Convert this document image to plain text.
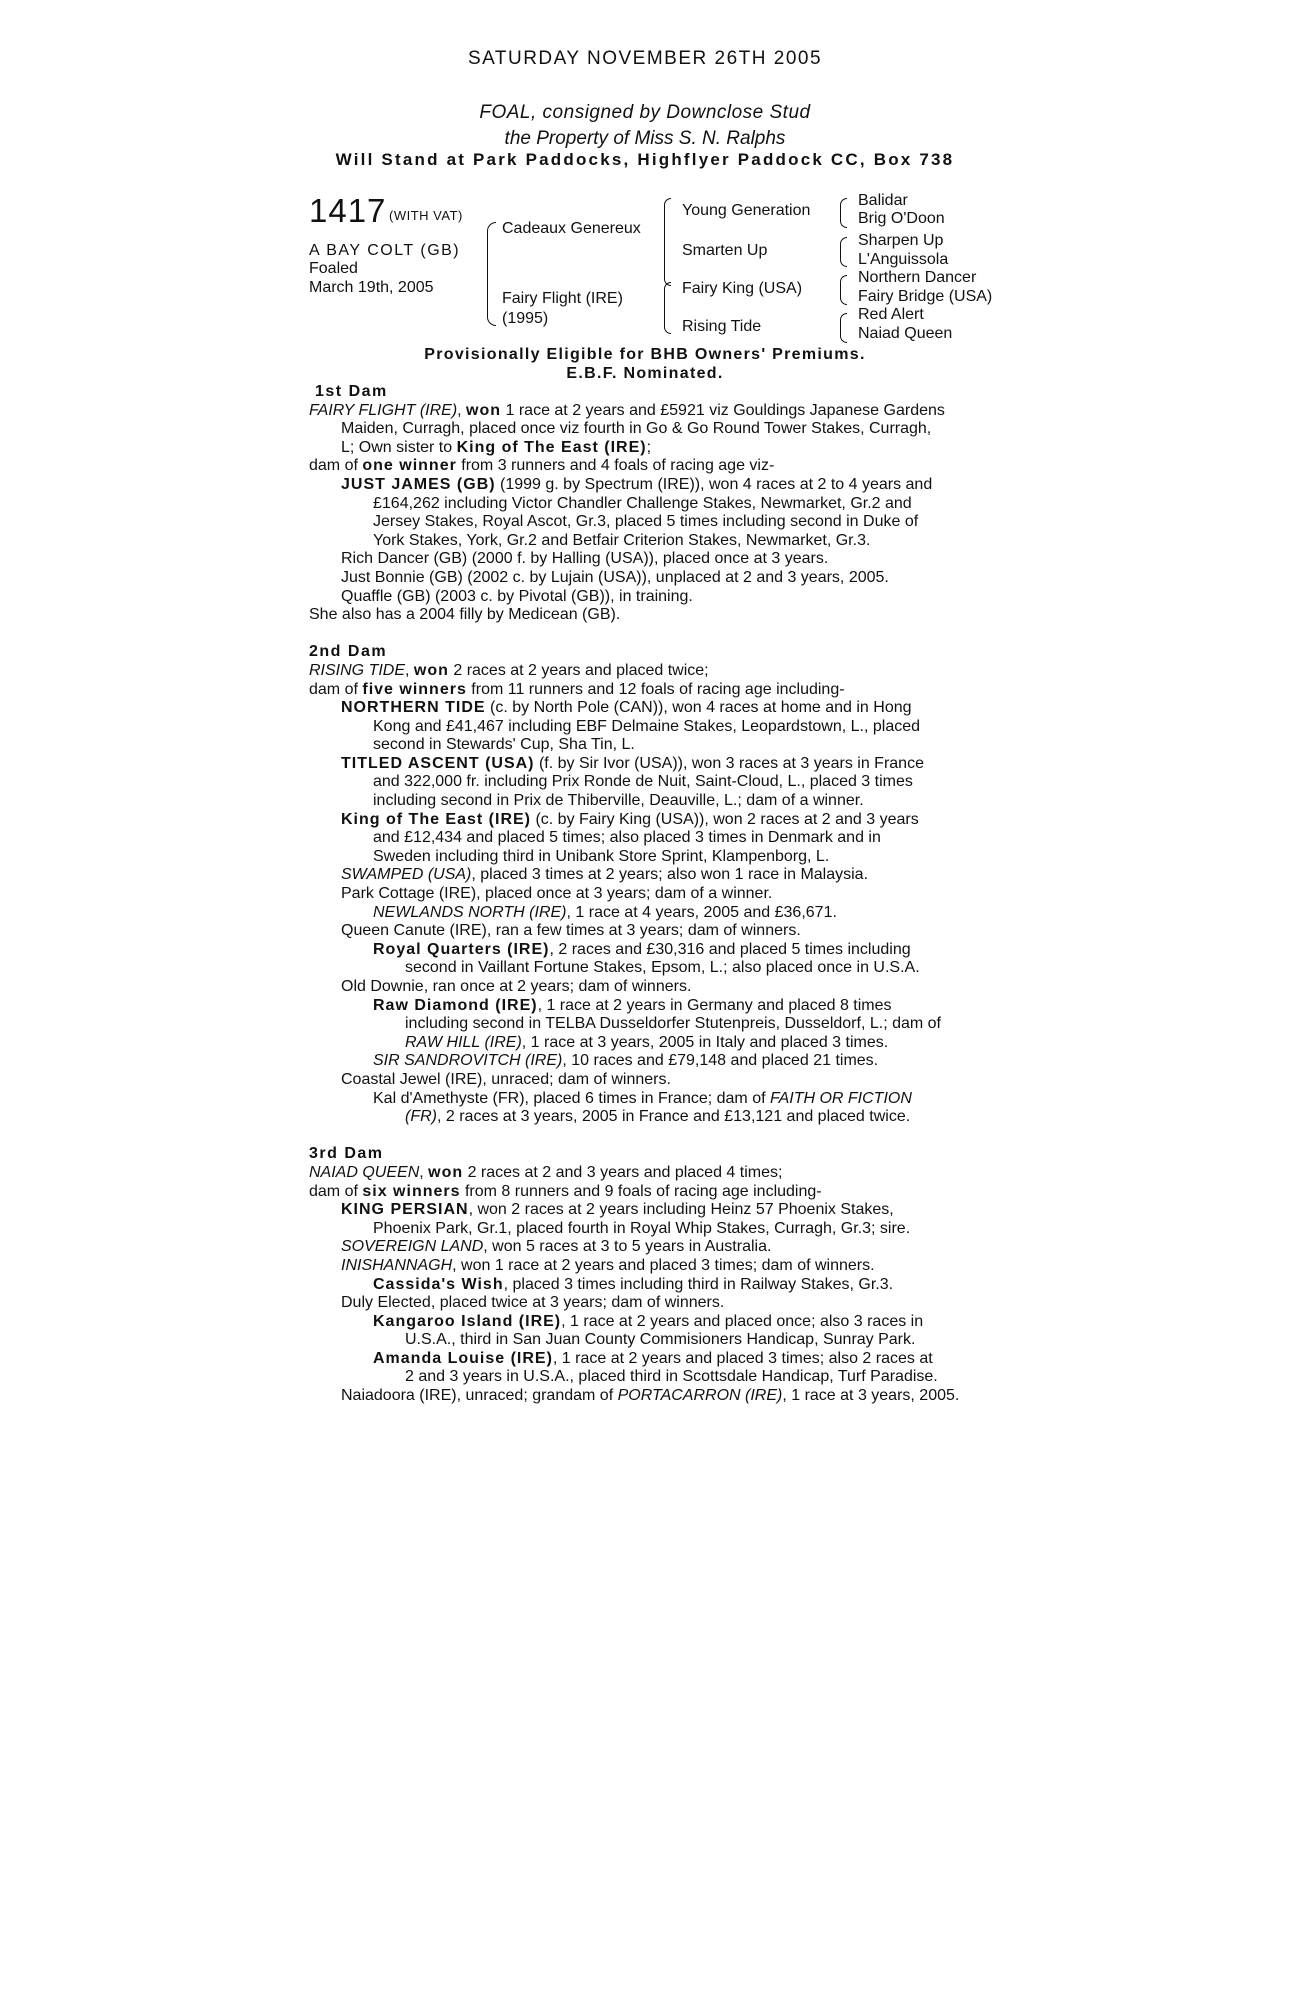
SATURDAY NOVEMBER 26TH 2005
FOAL, consigned by Downclose Stud
the Property of Miss S. N. Ralphs
Will Stand at Park Paddocks, Highflyer Paddock CC, Box 738
1417 (WITH VAT)
A BAY COLT (GB)
Foaled
March 19th, 2005
Cadeaux Genereux
Fairy Flight (IRE)
(1995)
Young Generation
Smarten Up
Fairy King (USA)
Rising Tide
Balidar
Brig O'Doon
Sharpen Up
L'Anguissola
Northern Dancer
Fairy Bridge (USA)
Red Alert
Naiad Queen
Provisionally Eligible for BHB Owners' Premiums.
E.B.F. Nominated.
1st Dam
FAIRY FLIGHT (IRE), won 1 race at 2 years and £5921 viz Gouldings Japanese Gardens
Maiden, Curragh, placed once viz fourth in Go & Go Round Tower Stakes, Curragh,
L; Own sister to King of The East (IRE);
dam of one winner from 3 runners and 4 foals of racing age viz-
JUST JAMES (GB) (1999 g. by Spectrum (IRE)), won 4 races at 2 to 4 years and
£164,262 including Victor Chandler Challenge Stakes, Newmarket, Gr.2 and
Jersey Stakes, Royal Ascot, Gr.3, placed 5 times including second in Duke of
York Stakes, York, Gr.2 and Betfair Criterion Stakes, Newmarket, Gr.3.
Rich Dancer (GB) (2000 f. by Halling (USA)), placed once at 3 years.
Just Bonnie (GB) (2002 c. by Lujain (USA)), unplaced at 2 and 3 years, 2005.
Quaffle (GB) (2003 c. by Pivotal (GB)), in training.
She also has a 2004 filly by Medicean (GB).
2nd Dam
RISING TIDE, won 2 races at 2 years and placed twice;
dam of five winners from 11 runners and 12 foals of racing age including-
NORTHERN TIDE (c. by North Pole (CAN)), won 4 races at home and in Hong
Kong and £41,467 including EBF Delmaine Stakes, Leopardstown, L., placed
second in Stewards' Cup, Sha Tin, L.
TITLED ASCENT (USA) (f. by Sir Ivor (USA)), won 3 races at 3 years in France
and 322,000 fr. including Prix Ronde de Nuit, Saint-Cloud, L., placed 3 times
including second in Prix de Thiberville, Deauville, L.; dam of a winner.
King of The East (IRE) (c. by Fairy King (USA)), won 2 races at 2 and 3 years
and £12,434 and placed 5 times; also placed 3 times in Denmark and in
Sweden including third in Unibank Store Sprint, Klampenborg, L.
SWAMPED (USA), placed 3 times at 2 years; also won 1 race in Malaysia.
Park Cottage (IRE), placed once at 3 years; dam of a winner.
NEWLANDS NORTH (IRE), 1 race at 4 years, 2005 and £36,671.
Queen Canute (IRE), ran a few times at 3 years; dam of winners.
Royal Quarters (IRE), 2 races and £30,316 and placed 5 times including
second in Vaillant Fortune Stakes, Epsom, L.; also placed once in U.S.A.
Old Downie, ran once at 2 years; dam of winners.
Raw Diamond (IRE), 1 race at 2 years in Germany and placed 8 times
including second in TELBA Dusseldorfer Stutenpreis, Dusseldorf, L.; dam of
RAW HILL (IRE), 1 race at 3 years, 2005 in Italy and placed 3 times.
SIR SANDROVITCH (IRE), 10 races and £79,148 and placed 21 times.
Coastal Jewel (IRE), unraced; dam of winners.
Kal d'Amethyste (FR), placed 6 times in France; dam of FAITH OR FICTION
(FR), 2 races at 3 years, 2005 in France and £13,121 and placed twice.
3rd Dam
NAIAD QUEEN, won 2 races at 2 and 3 years and placed 4 times;
dam of six winners from 8 runners and 9 foals of racing age including-
KING PERSIAN, won 2 races at 2 years including Heinz 57 Phoenix Stakes,
Phoenix Park, Gr.1, placed fourth in Royal Whip Stakes, Curragh, Gr.3; sire.
SOVEREIGN LAND, won 5 races at 3 to 5 years in Australia.
INISHANNAGH, won 1 race at 2 years and placed 3 times; dam of winners.
Cassida's Wish, placed 3 times including third in Railway Stakes, Gr.3.
Duly Elected, placed twice at 3 years; dam of winners.
Kangaroo Island (IRE), 1 race at 2 years and placed once; also 3 races in
U.S.A., third in San Juan County Commisioners Handicap, Sunray Park.
Amanda Louise (IRE), 1 race at 2 years and placed 3 times; also 2 races at
2 and 3 years in U.S.A., placed third in Scottsdale Handicap, Turf Paradise.
Naiadoora (IRE), unraced; grandam of PORTACARRON (IRE), 1 race at 3 years, 2005.
